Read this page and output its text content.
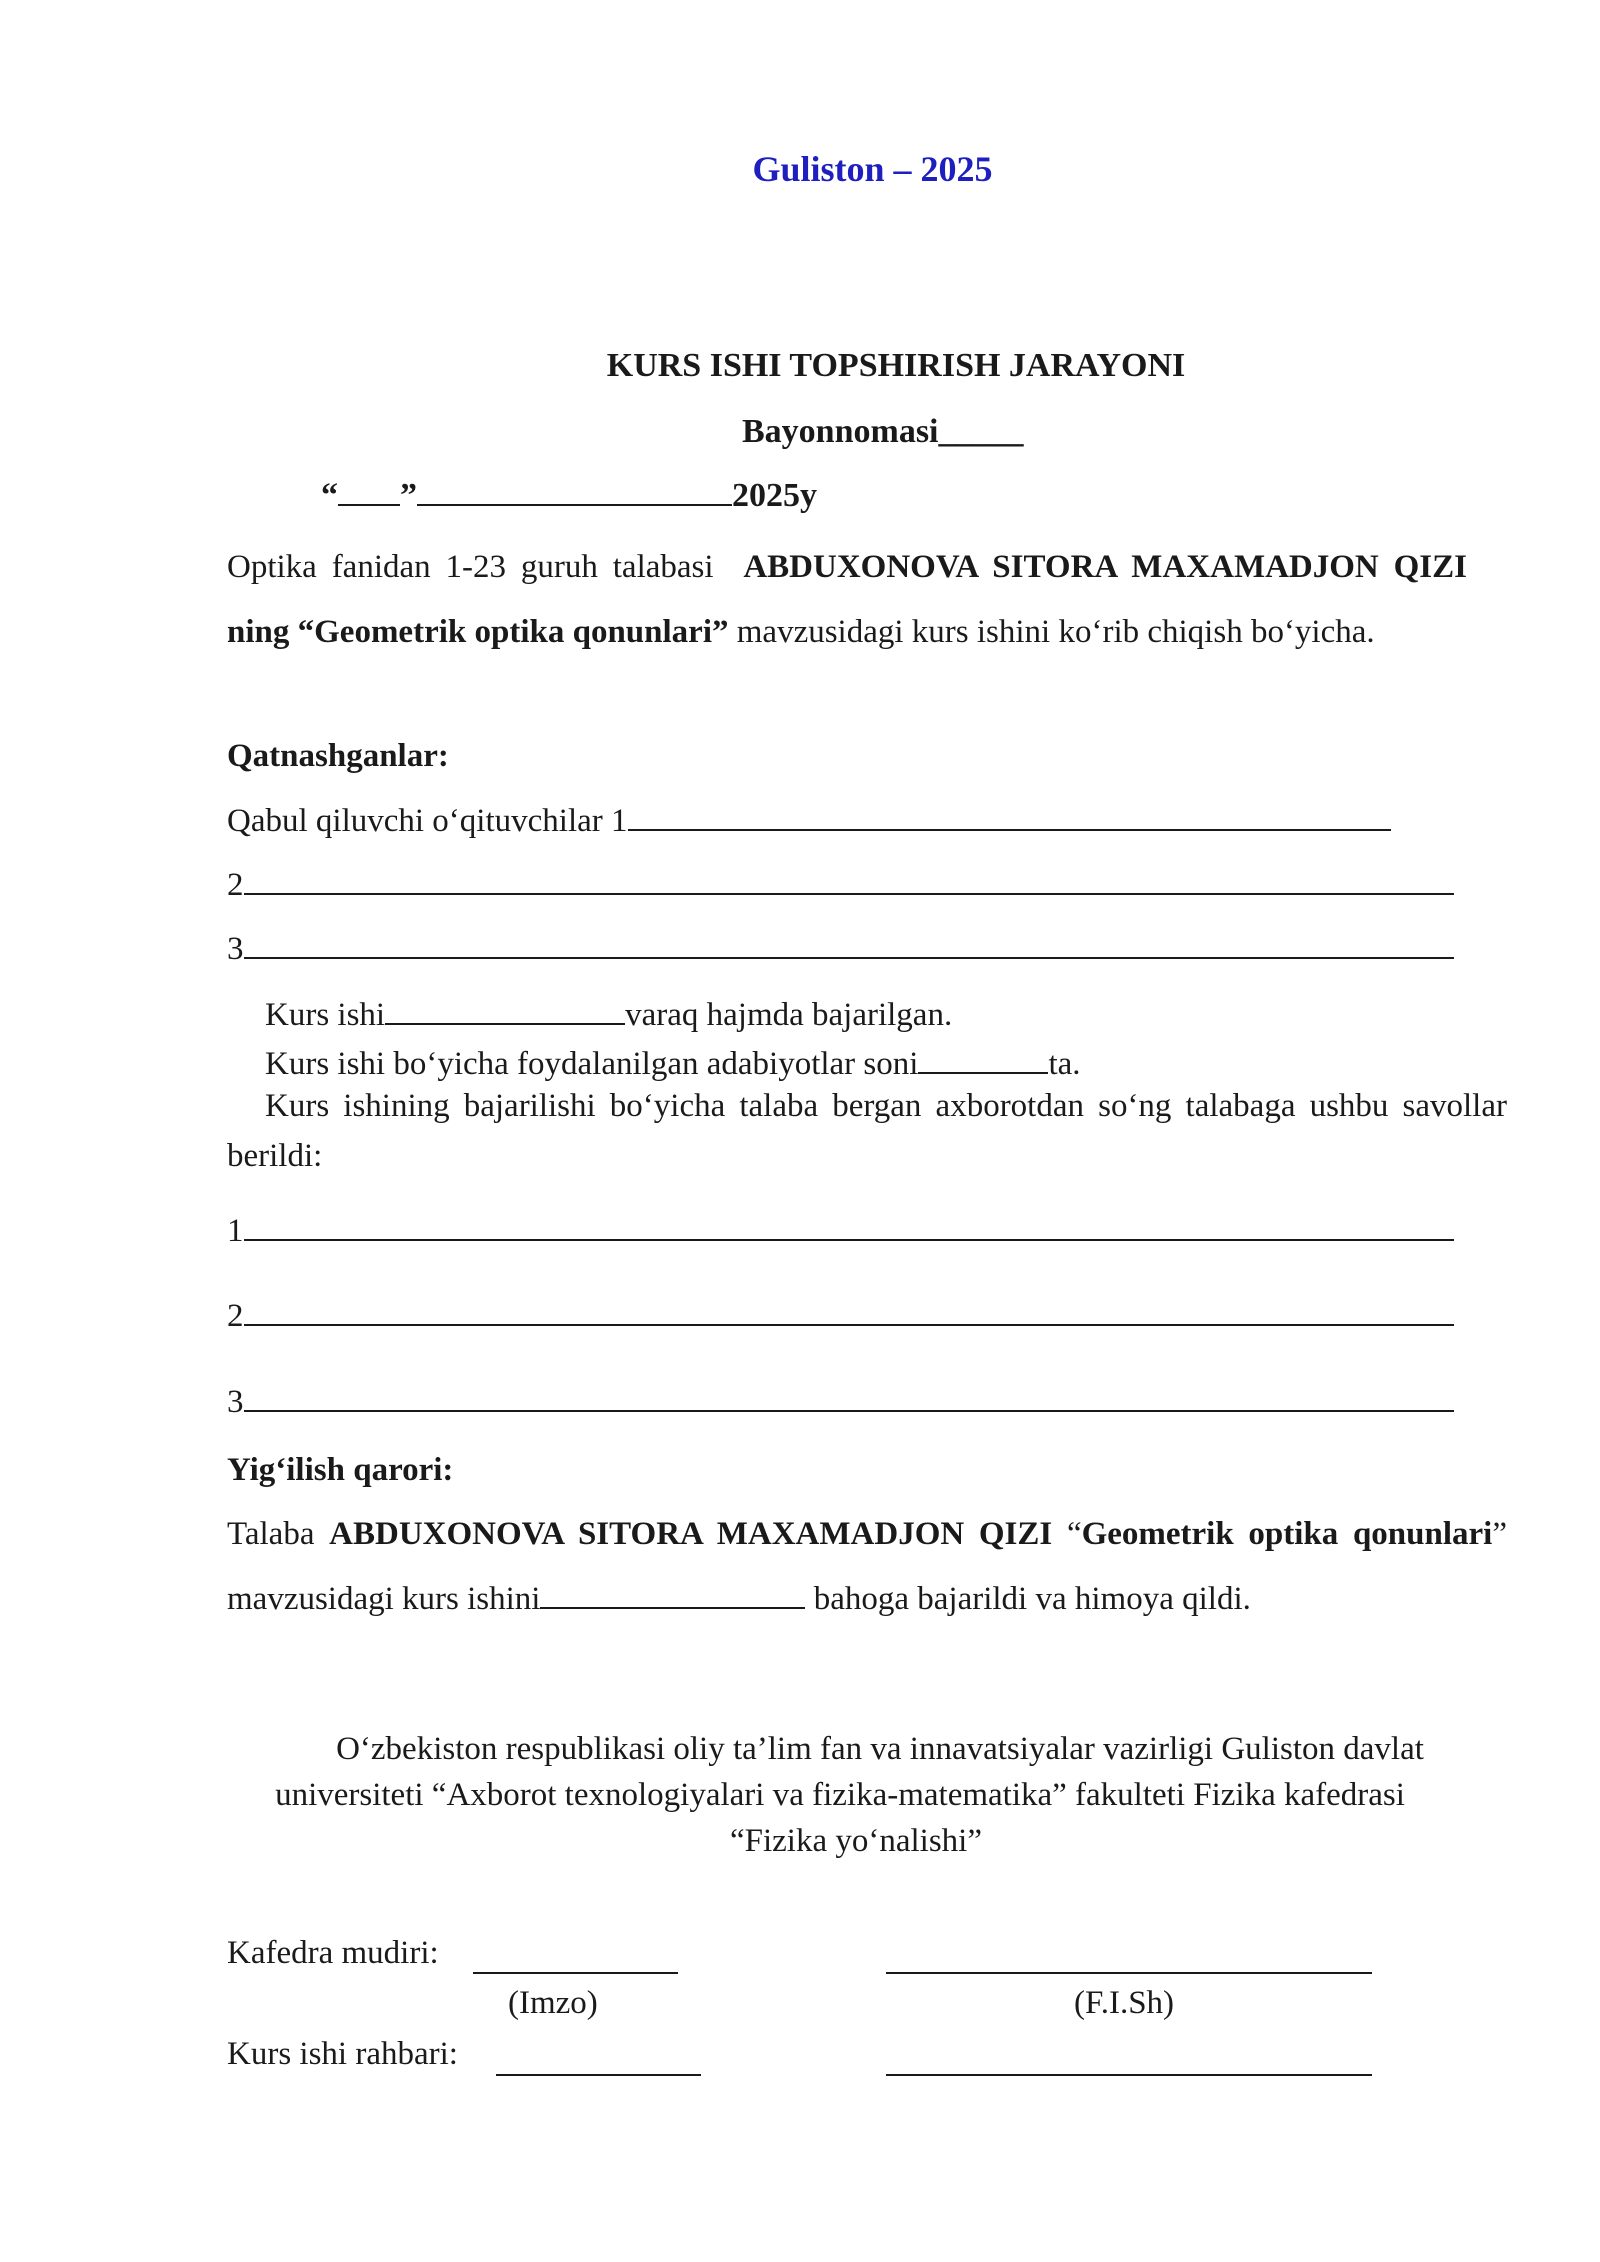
Guliston – 2025
KURS ISHI TOPSHIRISH JARAYONI
Bayonnomasi_____
“ ”	2025y
Optika fanidan 1-23 guruh talabasi ABDUXONOVA SITORA MAXAMADJON QIZI ning “Geometrik optika qonunlari” mavzusidagi kurs ishini ko‘rib chiqish bo‘yicha.
Qatnashganlar:
Qabul qiluvchi o‘qituvchilar 1
2
3
Kurs ishi	varaq hajmda bajarilgan.
Kurs ishi bo‘yicha foydalanilgan adabiyotlar soni	ta.
Kurs ishining bajarilishi bo‘yicha talaba bergan axborotdan so‘ng talabaga ushbu savollar berildi:
1
2
3
Yig‘ilish qarori:
Talaba ABDUXONOVA SITORA MAXAMADJON QIZI “Geometrik optika qonunlari” mavzusidagi kurs ishini	bahoga bajarildi va himoya qildi.
O‘zbekiston respublikasi oliy ta’lim fan va innavatsiyalar vazirligi Guliston davlat
universiteti “Axborot texnologiyalari va fizika-matematika” fakulteti Fizika kafedrasi
“Fizika yo‘nalishi”
Kafedra mudiri:
(Imzo)	(F.I.Sh)
Kurs ishi rahbari:
